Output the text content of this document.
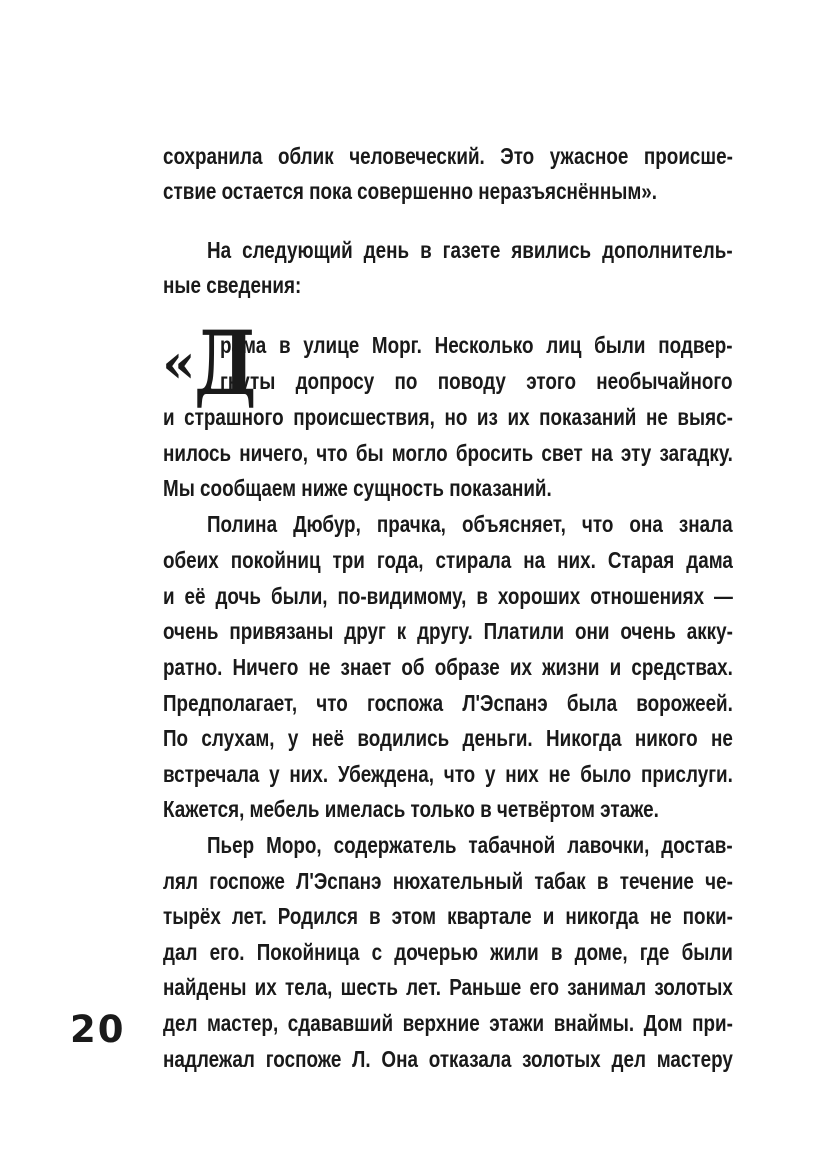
сохранила облик человеческий. Это ужасное происше-
ствие остается пока совершенно неразъяснённым».
На следующий день в газете явились дополнитель-
ные сведения:
«Д
рама в улице Морг. Несколько лиц были подвер-
гнуты допросу по поводу этого необычайного
и страшного происшествия, но из их показаний не выяс-
нилось ничего, что бы могло бросить свет на эту загадку.
Мы сообщаем ниже сущность показаний.
Полина Дюбур, прачка, объясняет, что она знала
обеих покойниц три года, стирала на них. Старая дама
и её дочь были, по-видимому, в хороших отношениях —
очень привязаны друг к другу. Платили они очень акку-
ратно. Ничего не знает об образе их жизни и средствах.
Предполагает, что госпожа Л'Эспанэ была ворожеей.
По слухам, у неё водились деньги. Никогда никого не
встречала у них. Убеждена, что у них не было прислуги.
Кажется, мебель имелась только в четвёртом этаже.
Пьер Моро, содержатель табачной лавочки, достав-
лял госпоже Л'Эспанэ нюхательный табак в течение че-
тырёх лет. Родился в этом квартале и никогда не поки-
дал его. Покойница с дочерью жили в доме, где были
найдены их тела, шесть лет. Раньше его занимал золотых
дел мастер, сдававший верхние этажи внаймы. Дом при-
надлежал госпоже Л. Она отказала золотых дел мастеру
20
